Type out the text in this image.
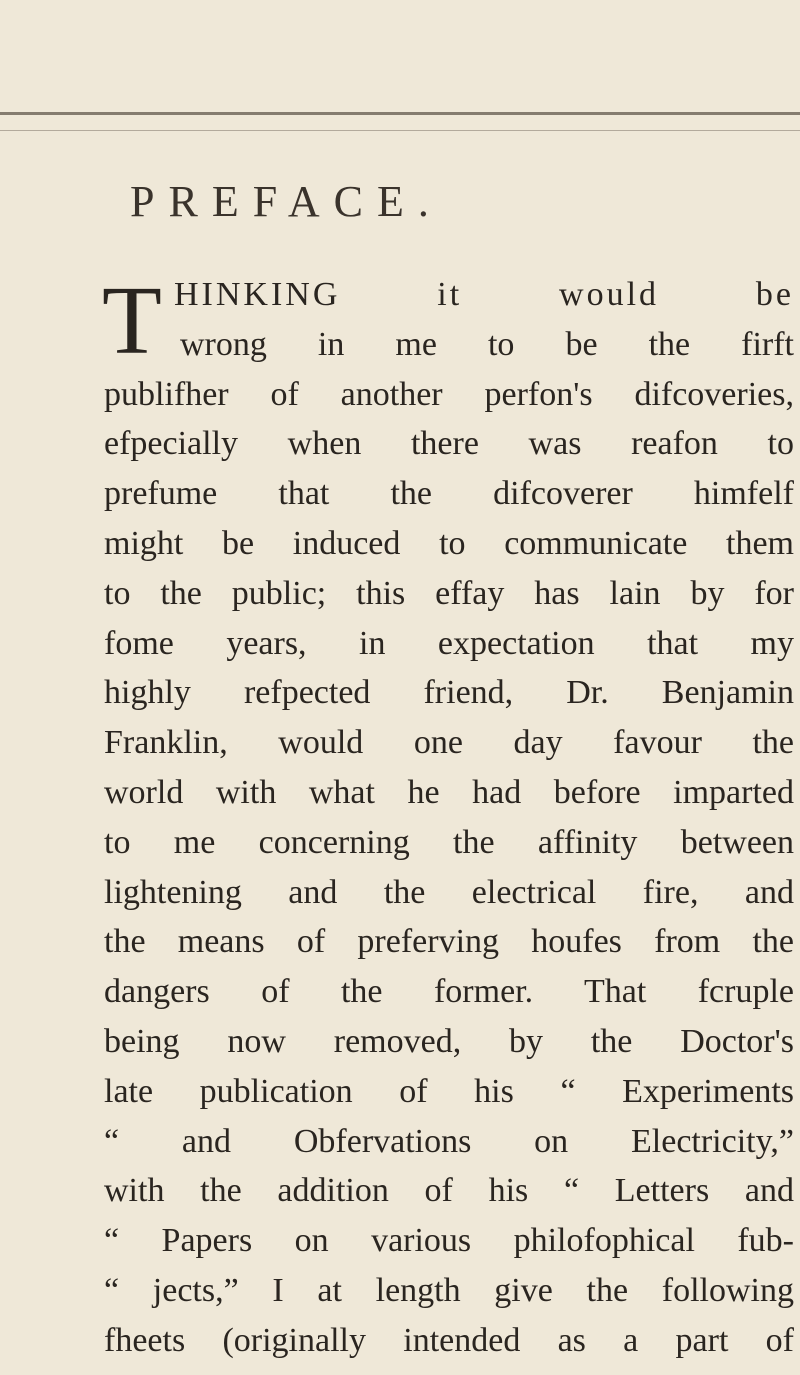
PREFACE.
T HINKING it would be
wrong in me to be the firft
publifher of another perfon's difcoveries,
efpecially when there was reafon to
prefume that the difcoverer himfelf
might be induced to communicate them
to the public; this effay has lain by for
fome years, in expectation that my
highly refpected friend, Dr. Benjamin
Franklin, would one day favour the
world with what he had before imparted
to me concerning the affinity between
lightening and the electrical fire, and
the means of preferving houfes from the
dangers of the former. That fcruple
being now removed, by the Doctor's
late publication of his “ Experiments
“ and Obfervations on Electricity,”
with the addition of his “ Letters and
“ Papers on various philofophical fub-
“ jects,” I at length give the following
fheets (originally intended as a part of
